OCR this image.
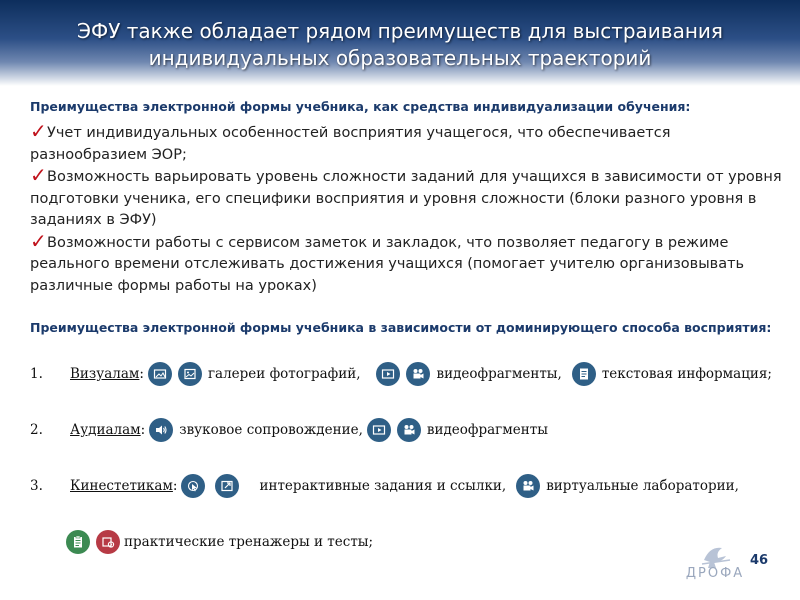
ЭФУ также обладает рядом преимуществ для выстраивания индивидуальных образовательных траекторий

Преимущества электронной формы учебника, как средства индивидуализации обучения:

✓Учет индивидуальных особенностей восприятия учащегося, что обеспечивается разнообразием ЭОР;
✓Возможность варьировать уровень сложности заданий для учащихся в зависимости от уровня подготовки ученика, его специфики восприятия и уровня сложности (блоки разного уровня в заданиях в ЭФУ)
✓Возможности работы с сервисом заметок и закладок, что позволяет педагогу в режиме реального времени отслеживать достижения учащихся (помогает учителю организовывать различные формы работы на уроках)

Преимущества электронной формы учебника в зависимости от доминирующего способа восприятия:

1.	Визуалам :	галереи фотографий,	видеофрагменты,	текстовая информация;
2.	Аудиалам :	звуковое сопровождение,	видеофрагменты
3.	Кинестетикам :	интерактивные задания и ссылки,	виртуальные лаборатории,
практические тренажеры и тесты;
ДРОФА
46
